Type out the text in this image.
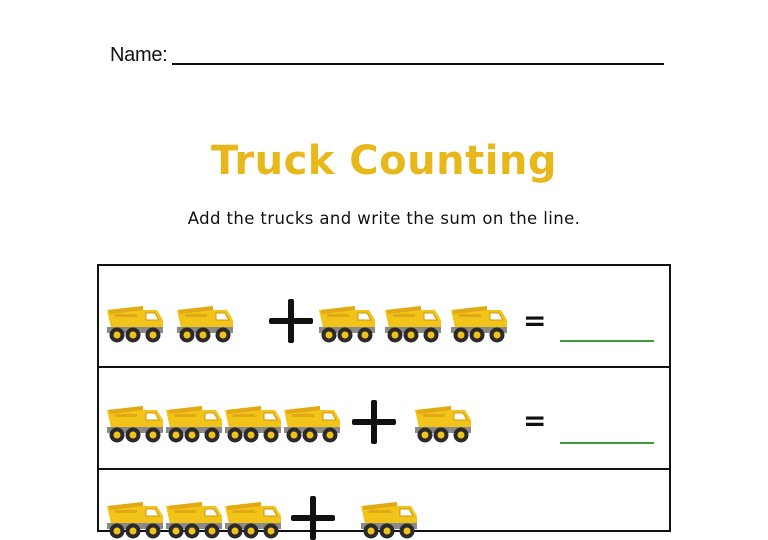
Name:
Truck Counting
Add the trucks and write the sum on the line.
=
=
